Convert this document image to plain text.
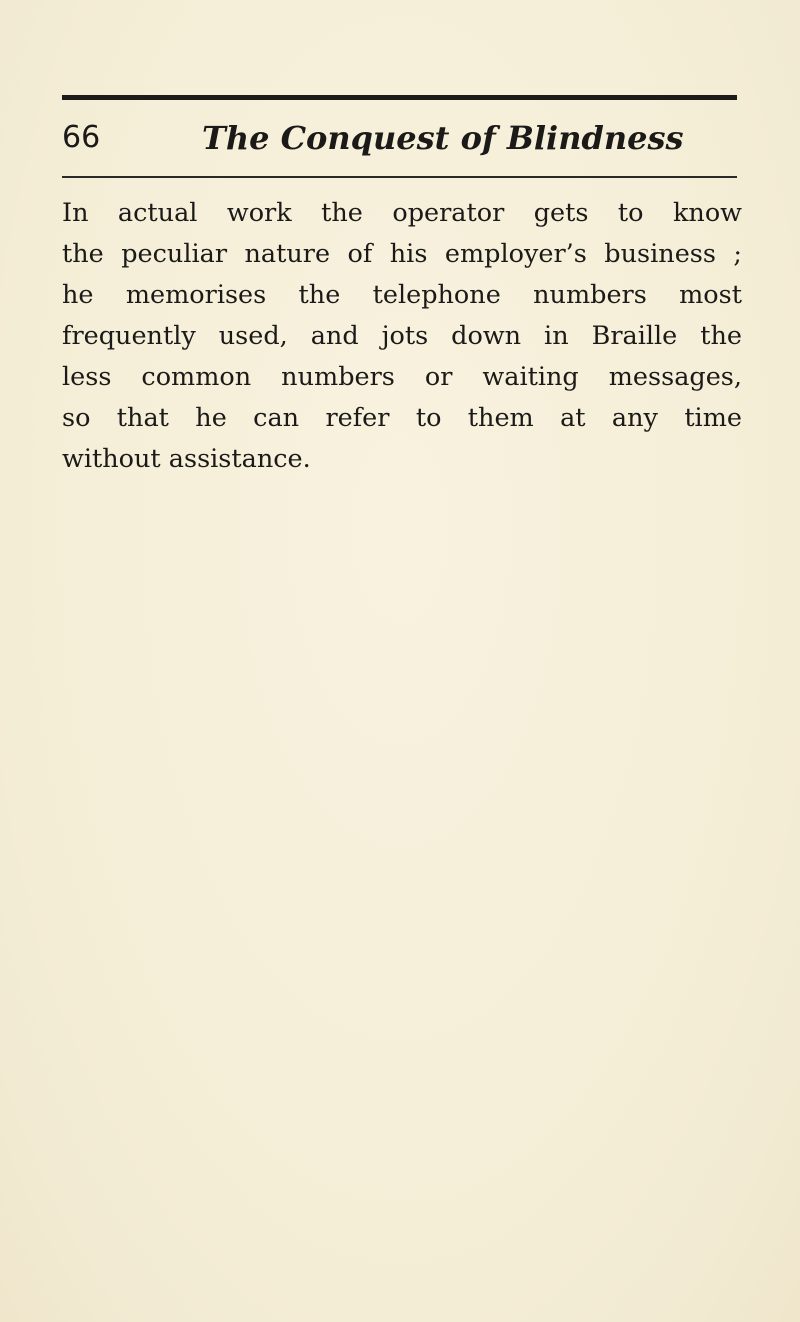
66	The Conquest of Blindness
In actual work the operator gets to know
the peculiar nature of his employer’s business ;
he memorises the telephone numbers most
frequently used, and jots down in Braille the
less common numbers or waiting messages,
so that he can refer to them at any time
without assistance.
